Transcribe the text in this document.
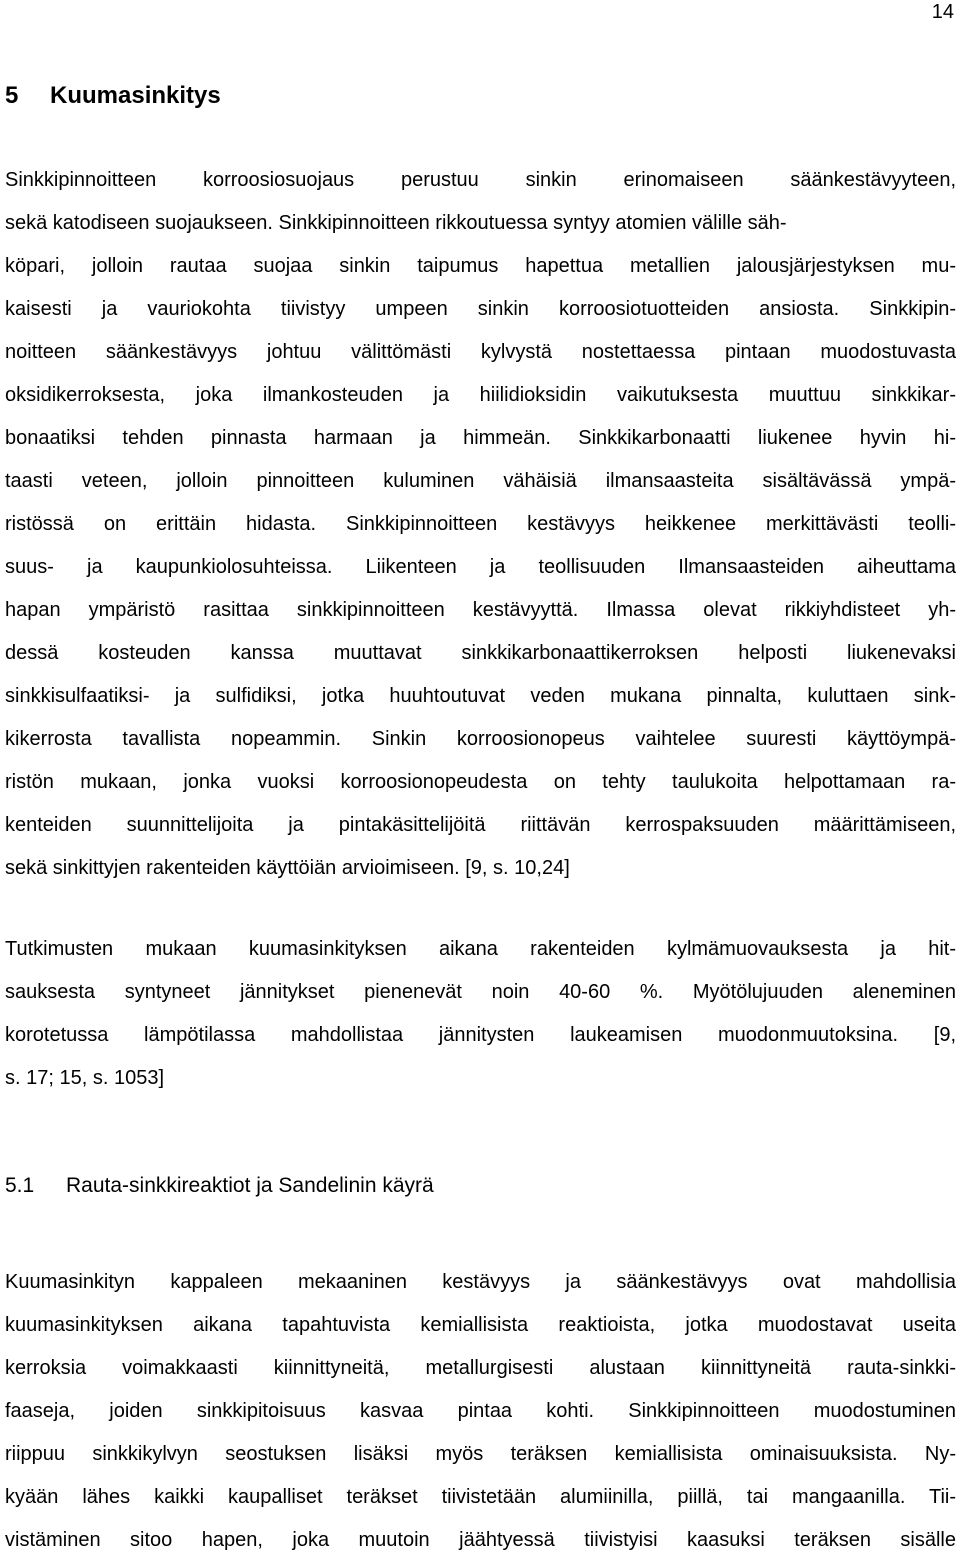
14
5 Kuumasinkitys
Sinkkipinnoitteen korroosiosuojaus perustuu sinkin erinomaiseen säänkestävyyteen,
sekä katodiseen suojaukseen. Sinkkipinnoitteen rikkoutuessa syntyy atomien välille säh-
köpari, jolloin rautaa suojaa sinkin taipumus hapettua metallien jalousjärjestyksen mu-
kaisesti ja vauriokohta tiivistyy umpeen sinkin korroosiotuotteiden ansiosta. Sinkkipin-
noitteen säänkestävyys johtuu välittömästi kylvystä nostettaessa pintaan muodostuvasta
oksidikerroksesta, joka ilmankosteuden ja hiilidioksidin vaikutuksesta muuttuu sinkkikar-
bonaatiksi tehden pinnasta harmaan ja himmeän. Sinkkikarbonaatti liukenee hyvin hi-
taasti veteen, jolloin pinnoitteen kuluminen vähäisiä ilmansaasteita sisältävässä ympä-
ristössä on erittäin hidasta. Sinkkipinnoitteen kestävyys heikkenee merkittävästi teolli-
suus- ja kaupunkiolosuhteissa. Liikenteen ja teollisuuden Ilmansaasteiden aiheuttama
hapan ympäristö rasittaa sinkkipinnoitteen kestävyyttä. Ilmassa olevat rikkiyhdisteet yh-
dessä kosteuden kanssa muuttavat sinkkikarbonaattikerroksen helposti liukenevaksi
sinkkisulfaatiksi- ja sulfidiksi, jotka huuhtoutuvat veden mukana pinnalta, kuluttaen sink-
kikerrosta tavallista nopeammin. Sinkin korroosionopeus vaihtelee suuresti käyttöympä-
ristön mukaan, jonka vuoksi korroosionopeudesta on tehty taulukoita helpottamaan ra-
kenteiden suunnittelijoita ja pintakäsittelijöitä riittävän kerrospaksuuden määrittämiseen,
sekä sinkittyjen rakenteiden käyttöiän arvioimiseen. [9, s. 10,24]
Tutkimusten mukaan kuumasinkityksen aikana rakenteiden kylmämuovauksesta ja hit-
sauksesta syntyneet jännitykset pienenevät noin 40-60 %. Myötölujuuden aleneminen
korotetussa lämpötilassa mahdollistaa jännitysten laukeamisen muodonmuutoksina. [9,
s. 17; 15, s. 1053]
5.1 Rauta-sinkkireaktiot ja Sandelinin käyrä
Kuumasinkityn kappaleen mekaaninen kestävyys ja säänkestävyys ovat mahdollisia
kuumasinkityksen aikana tapahtuvista kemiallisista reaktioista, jotka muodostavat useita
kerroksia voimakkaasti kiinnittyneitä, metallurgisesti alustaan kiinnittyneitä rauta-sinkki-
faaseja, joiden sinkkipitoisuus kasvaa pintaa kohti. Sinkkipinnoitteen muodostuminen
riippuu sinkkikylvyn seostuksen lisäksi myös teräksen kemiallisista ominaisuuksista. Ny-
kyään lähes kaikki kaupalliset teräkset tiivistetään alumiinilla, piillä, tai mangaanilla. Tii-
vistäminen sitoo hapen, joka muutoin jäähtyessä tiivistyisi kaasuksi teräksen sisälle
